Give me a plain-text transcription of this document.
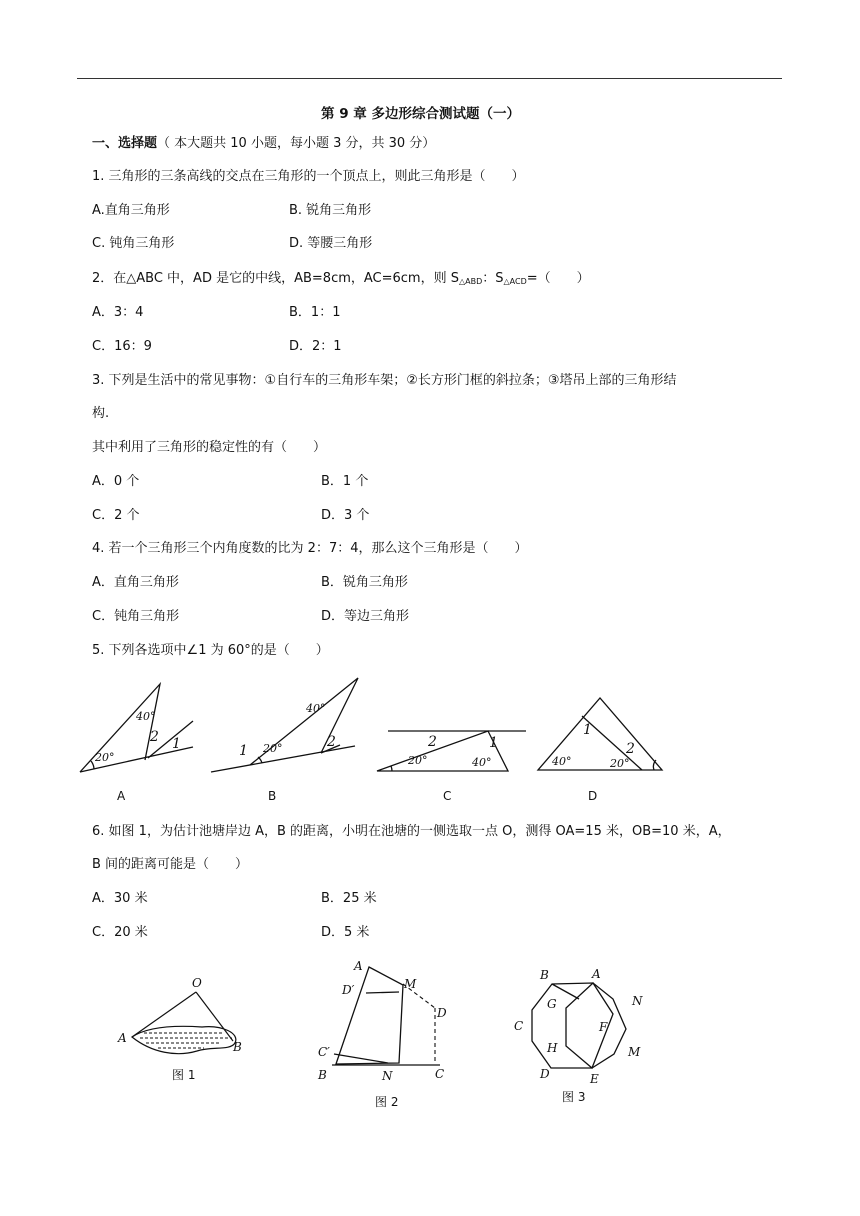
第 9 章 多边形综合测试题（一）
一、选择题（ 本大题共 10 小题，每小题 3 分，共 30 分）
1. 三角形的三条高线的交点在三角形的一个顶点上，则此三角形是（　　）
A.直角三角形	B. 锐角三角形
C. 钝角三角形	D. 等腰三角形
2．在△ABC 中，AD 是它的中线，AB=8cm，AC=6cm，则 $S_{\triangle ABD}$：$S_{\triangle ACD}=$（　　）
A．3：4	B．1：1
C．16：9	D．2：1
3. 下列是生活中的常见事物：①自行车的三角形车架；②长方形门框的斜拉条；③塔吊上部的三角形结
构.
其中利用了三角形的稳定性的有（　　）
A．0 个	B．1 个
C．2 个	D．3 个
4. 若一个三角形三个内角度数的比为 2：7：4，那么这个三角形是（　　）
A．直角三角形	B．锐角三角形
C．钝角三角形	D．等边三角形
5. 下列各选项中∠1 为 60°的是（　　）
40°
20°
2 1
40°
20°	2
1
20°	40°
2	1
40°	20°
1
2
A	B	C	D
6. 如图 1，为估计池塘岸边 A，B 的距离，小明在池塘的一侧选取一点 O，测得 OA=15 米，OB=10 米，A，
B 间的距离可能是（　　）
A．30 米	B．25 米
C．20 米	D．5 米
O
A
B
图 1
A
D′	M
D
C′
B	N	C
图 2
B	A
N
G
C	F
H	M
D	E
图 3
